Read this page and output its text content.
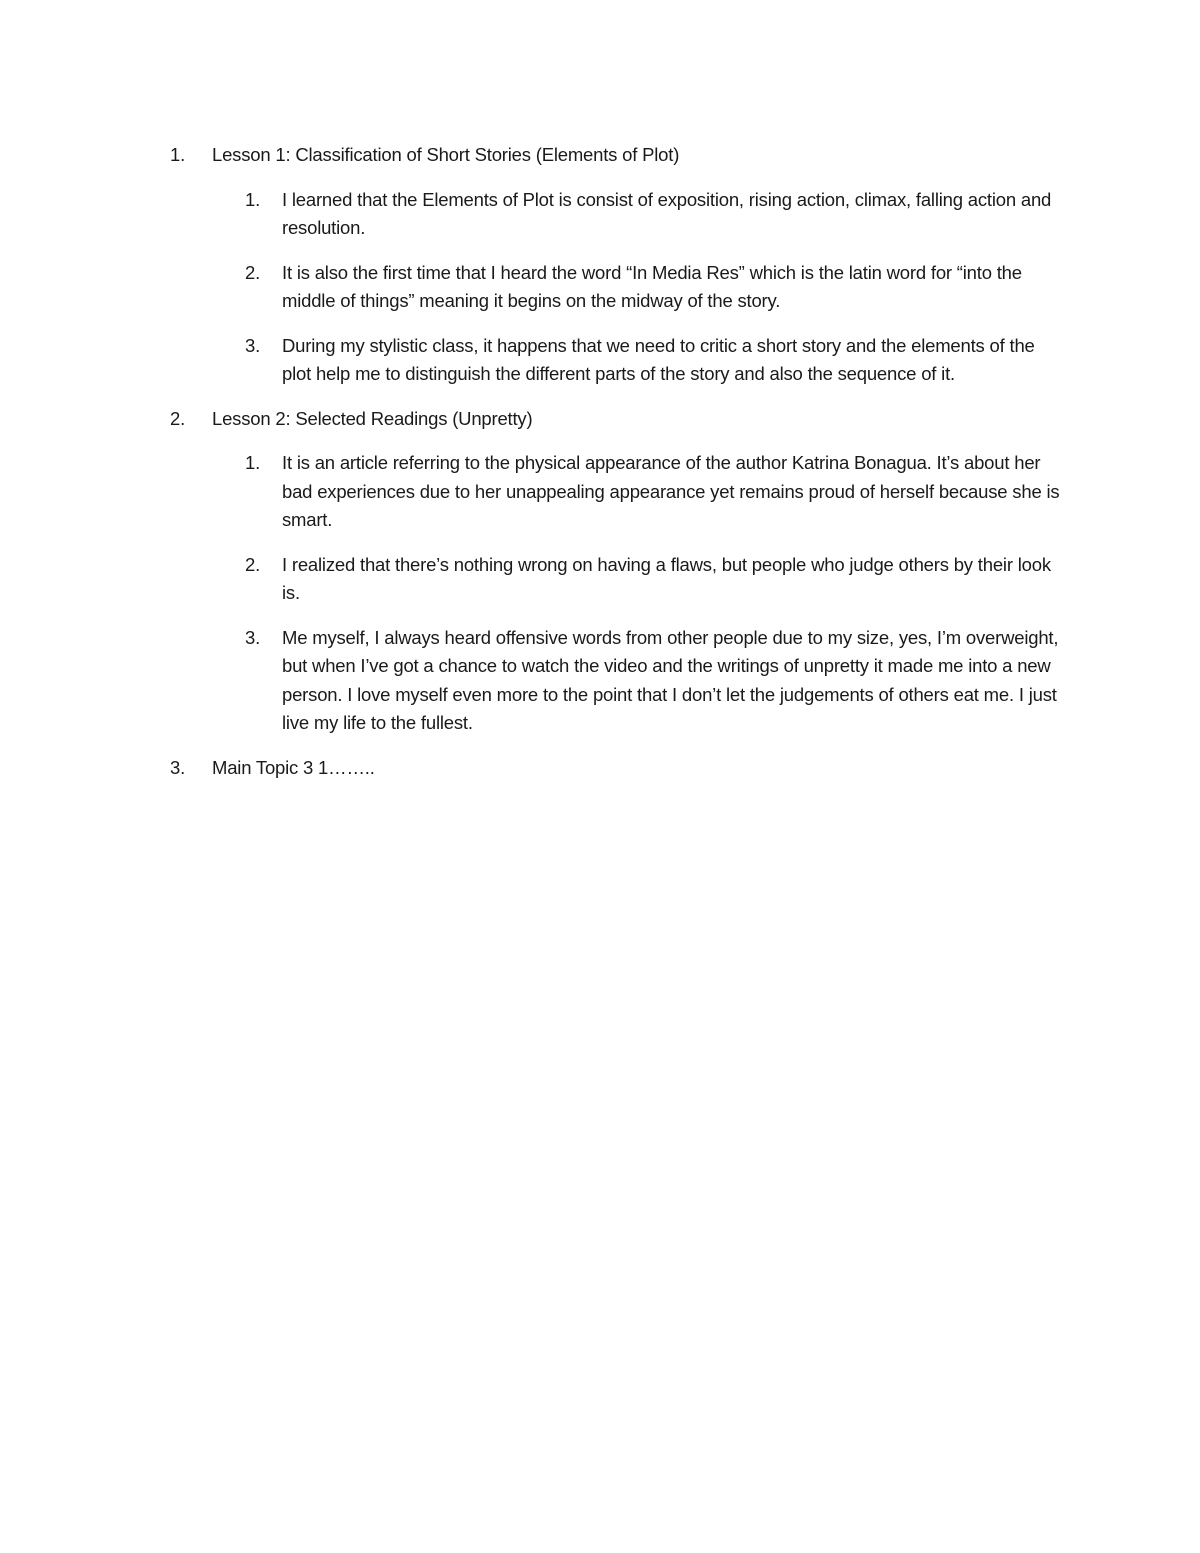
1.	Lesson 1: Classification of Short Stories (Elements of Plot)
1.	I learned that the Elements of Plot is consist of exposition, rising action, climax, falling action and resolution.
2.	It is also the first time that I heard the word “In Media Res” which is the latin word for “into the middle of things” meaning it begins on the midway of the story.
3.	During my stylistic class, it happens that we need to critic a short story and the elements of the plot help me to distinguish the different parts of the story and also the sequence of it.
2.	Lesson 2: Selected Readings (Unpretty)
1.	It is an article referring to the physical appearance of the author Katrina Bonagua. It’s about her bad experiences due to her unappealing appearance yet remains proud of herself because she is smart.
2.	I realized that there’s nothing wrong on having a flaws, but people who judge others by their look is.
3.	Me myself, I always heard offensive words from other people due to my size, yes, I’m overweight, but when I’ve got a chance to watch the video and the writings of unpretty it made me into a new person. I love myself even more to the point that I don’t let the judgements of others eat me. I just live my life to the fullest.
3.	Main Topic 3 1……..
